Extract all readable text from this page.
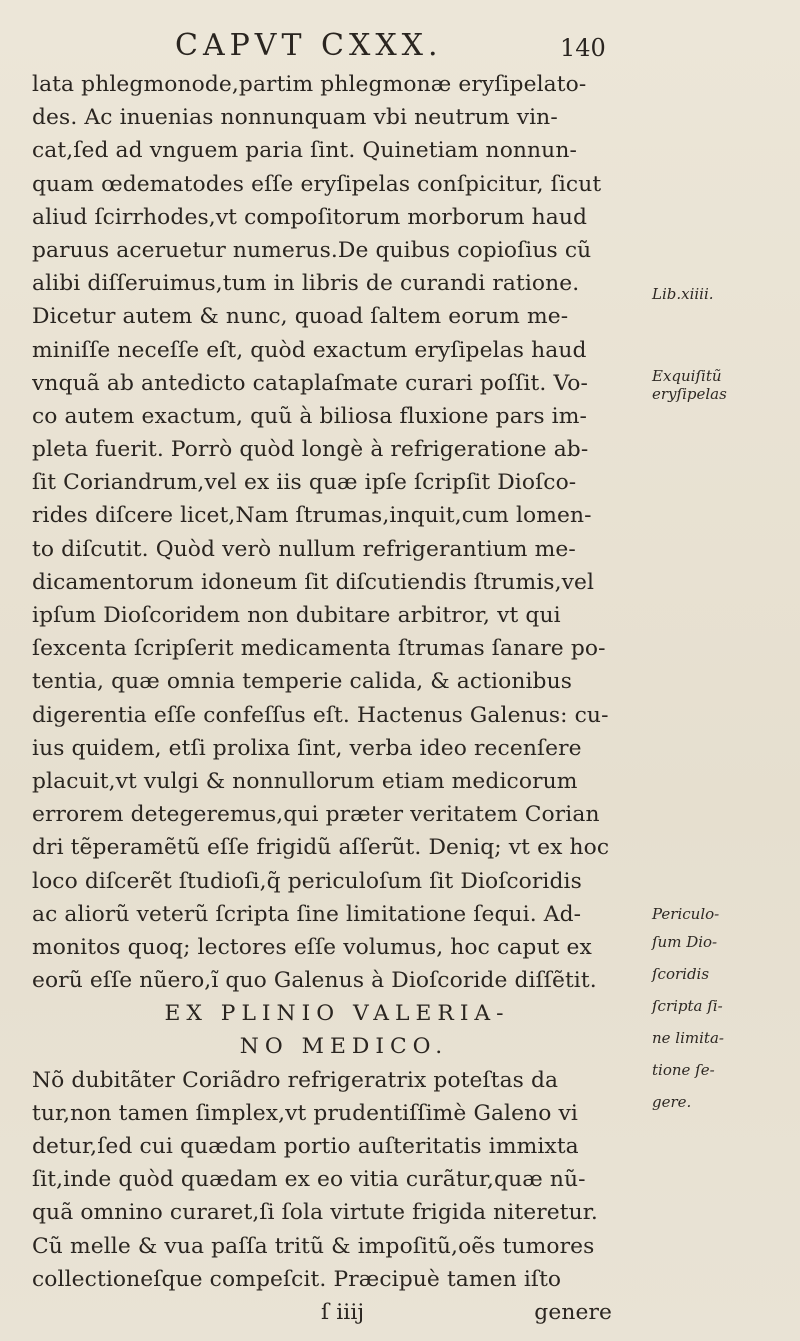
CAPVT CXXX.	140
lata phlegmonode,partim phlegmonæ eryſipelato-
des. Ac inuenias nonnunquam vbi neutrum vin-
cat,ſed ad vnguem paria ſint. Quinetiam nonnun-
quam œdematodes eſſe eryſipelas conſpicitur, ſicut
aliud ſcirrhodes,vt compoſitorum morborum haud
paruus aceruetur numerus.De quibus copioſius cũ
alibi diſſeruimus,tum in libris de curandi ratione.
Dicetur autem & nunc, quoad ſaltem eorum me-
miniſſe neceſſe eſt, quòd exactum eryſipelas haud
vnquã ab antedicto cataplaſmate curari poſſit. Vo-
co autem exactum, quũ à biliosa fluxione pars im-
pleta fuerit. Porrò quòd longè à refrigeratione ab-
ſit Coriandrum,vel ex iis quæ ipſe ſcripſit Dioſco-
rides diſcere licet,Nam ſtrumas,inquit,cum lomen-
to diſcutit. Quòd verò nullum refrigerantium me-
dicamentorum idoneum ſit diſcutiendis ſtrumis,vel
ipſum Dioſcoridem non dubitare arbitror, vt qui
ſexcenta ſcripſerit medicamenta ſtrumas ſanare po-
tentia, quæ omnia temperie calida, & actionibus
digerentia eſſe confeſſus eſt. Hactenus Galenus: cu-
ius quidem, etſi prolixa ſint, verba ideo recenſere
placuit,vt vulgi & nonnullorum etiam medicorum
errorem detegeremus,qui præter veritatem Corian
dri tẽperamẽtũ eſſe frigidũ aſſerũt. Deniq; vt ex hoc
loco diſcerẽt ſtudioſi,q̃ periculoſum ſit Dioſcoridis
ac aliorũ veterũ ſcripta ſine limitatione ſequi. Ad-
monitos quoq; lectores eſſe volumus, hoc caput ex
eorũ eſſe nũero,ĩ quo Galenus à Dioſcoride diſſẽtit.
EX PLINIO VALERIA-
NO MEDICO.
Nõ dubitãter Coriãdro refrigeratrix poteſtas da
tur,non tamen ſimplex,vt prudentiſſimè Galeno vi
detur,ſed cui quædam portio auſteritatis immixta
ſit,inde quòd quædam ex eo vitia curãtur,quæ nũ-
quã omnino curaret,ſi ſola virtute frigida niteretur.
Cũ melle & vua paſſa tritũ & impoſitũ,oẽs tumores
collectioneſque compeſcit. Præcipuè tamen iſto
ſ iiij	genere
Lib.xiiii.
Exquiſitũ
eryſipelas
Periculo-
ſum Dio-
ſcoridis
ſcripta ſi-
ne limita-
tione ſe-
gere.
